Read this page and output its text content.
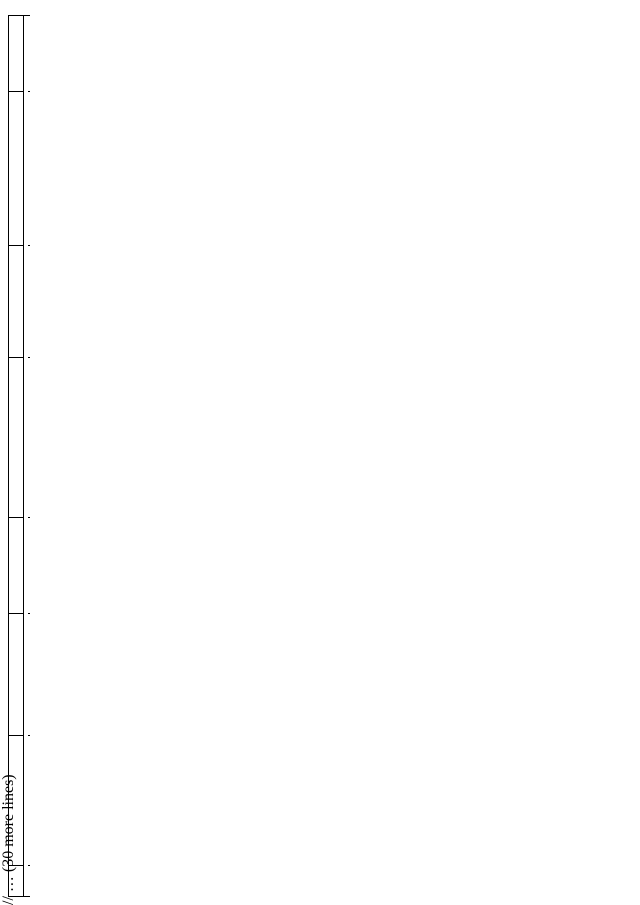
// … (30 more lines)
